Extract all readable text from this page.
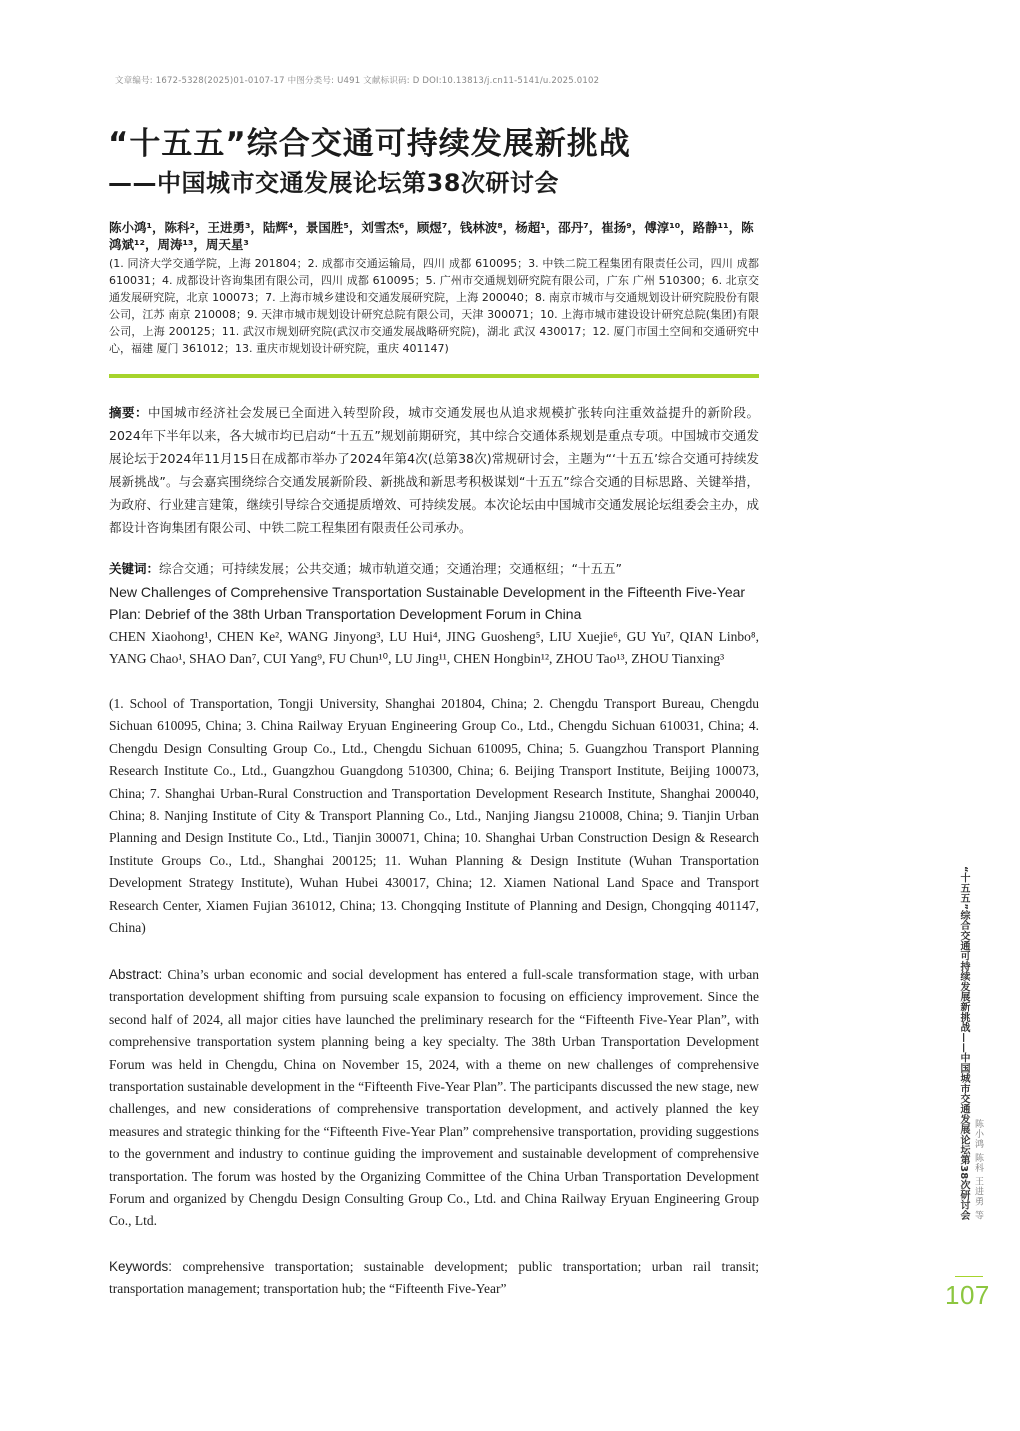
文章编号: 1672-5328(2025)01-0107-17 中图分类号: U491 文献标识码: D DOI:10.13813/j.cn11-5141/u.2025.0102
“十五五”综合交通可持续发展新挑战
——中国城市交通发展论坛第38次研讨会
陈小鸿¹，陈科²，王进勇³，陆辉⁴，景国胜⁵，刘雪杰⁶，顾煜⁷，钱林波⁸，杨超¹，邵丹⁷，崔扬⁹，傅淳¹⁰，路静¹¹，陈鸿斌¹²，周涛¹³，周天星³
(1. 同济大学交通学院，上海 201804；2. 成都市交通运输局，四川 成都 610095；3. 中铁二院工程集团有限责任公司，四川 成都 610031；4. 成都设计咨询集团有限公司，四川 成都 610095；5. 广州市交通规划研究院有限公司，广东 广州 510300；6. 北京交通发展研究院，北京 100073；7. 上海市城乡建设和交通发展研究院，上海 200040；8. 南京市城市与交通规划设计研究院股份有限公司，江苏 南京 210008；9. 天津市城市规划设计研究总院有限公司，天津 300071；10. 上海市城市建设设计研究总院(集团)有限公司，上海 200125；11. 武汉市规划研究院(武汉市交通发展战略研究院)，湖北 武汉 430017；12. 厦门市国土空间和交通研究中心，福建 厦门 361012；13. 重庆市规划设计研究院，重庆 401147)
摘要：中国城市经济社会发展已全面进入转型阶段，城市交通发展也从追求规模扩张转向注重效益提升的新阶段。2024年下半年以来，各大城市均已启动“十五五”规划前期研究，其中综合交通体系规划是重点专项。中国城市交通发展论坛于2024年11月15日在成都市举办了2024年第4次(总第38次)常规研讨会，主题为“‘十五五’综合交通可持续发展新挑战”。与会嘉宾围绕综合交通发展新阶段、新挑战和新思考积极谋划“十五五”综合交通的目标思路、关键举措，为政府、行业建言建策，继续引导综合交通提质增效、可持续发展。本次论坛由中国城市交通发展论坛组委会主办，成都设计咨询集团有限公司、中铁二院工程集团有限责任公司承办。
关键词：综合交通；可持续发展；公共交通；城市轨道交通；交通治理；交通枢纽；“十五五”
New Challenges of Comprehensive Transportation Sustainable Development in the Fifteenth Five-Year Plan: Debrief of the 38th Urban Transportation Development Forum in China
CHEN Xiaohong¹, CHEN Ke², WANG Jinyong³, LU Hui⁴, JING Guosheng⁵, LIU Xuejie⁶, GU Yu⁷, QIAN Linbo⁸, YANG Chao¹, SHAO Dan⁷, CUI Yang⁹, FU Chun¹⁰, LU Jing¹¹, CHEN Hongbin¹², ZHOU Tao¹³, ZHOU Tianxing³
(1. School of Transportation, Tongji University, Shanghai 201804, China; 2. Chengdu Transport Bureau, Chengdu Sichuan 610095, China; 3. China Railway Eryuan Engineering Group Co., Ltd., Chengdu Sichuan 610031, China; 4. Chengdu Design Consulting Group Co., Ltd., Chengdu Sichuan 610095, China; 5. Guangzhou Transport Planning Research Institute Co., Ltd., Guangzhou Guangdong 510300, China; 6. Beijing Transport Institute, Beijing 100073, China; 7. Shanghai Urban-Rural Construction and Transportation Development Research Institute, Shanghai 200040, China; 8. Nanjing Institute of City & Transport Planning Co., Ltd., Nanjing Jiangsu 210008, China; 9. Tianjin Urban Planning and Design Institute Co., Ltd., Tianjin 300071, China; 10. Shanghai Urban Construction Design & Research Institute Groups Co., Ltd., Shanghai 200125; 11. Wuhan Planning & Design Institute (Wuhan Transportation Development Strategy Institute), Wuhan Hubei 430017, China; 12. Xiamen National Land Space and Transport Research Center, Xiamen Fujian 361012, China; 13. Chongqing Institute of Planning and Design, Chongqing 401147, China)
Abstract: China’s urban economic and social development has entered a full-scale transformation stage, with urban transportation development shifting from pursuing scale expansion to focusing on efficiency improvement. Since the second half of 2024, all major cities have launched the preliminary research for the “Fifteenth Five-Year Plan”, with comprehensive transportation system planning being a key specialty. The 38th Urban Transportation Development Forum was held in Chengdu, China on November 15, 2024, with a theme on new challenges of comprehensive transportation sustainable development in the “Fifteenth Five-Year Plan”. The participants discussed the new stage, new challenges, and new considerations of comprehensive transportation development, and actively planned the key measures and strategic thinking for the “Fifteenth Five-Year Plan” comprehensive transportation, providing suggestions to the government and industry to continue guiding the improvement and sustainable development of comprehensive transportation. The forum was hosted by the Organizing Committee of the China Urban Transportation Development Forum and organized by Chengdu Design Consulting Group Co., Ltd. and China Railway Eryuan Engineering Group Co., Ltd.
Keywords: comprehensive transportation; sustainable development; public transportation; urban rail transit; transportation management; transportation hub; the “Fifteenth Five-Year”
“十五五”综合交通可持续发展新挑战——中国城市交通发展论坛第38次研讨会 陈小鸿 陈科 王进勇 等
107
